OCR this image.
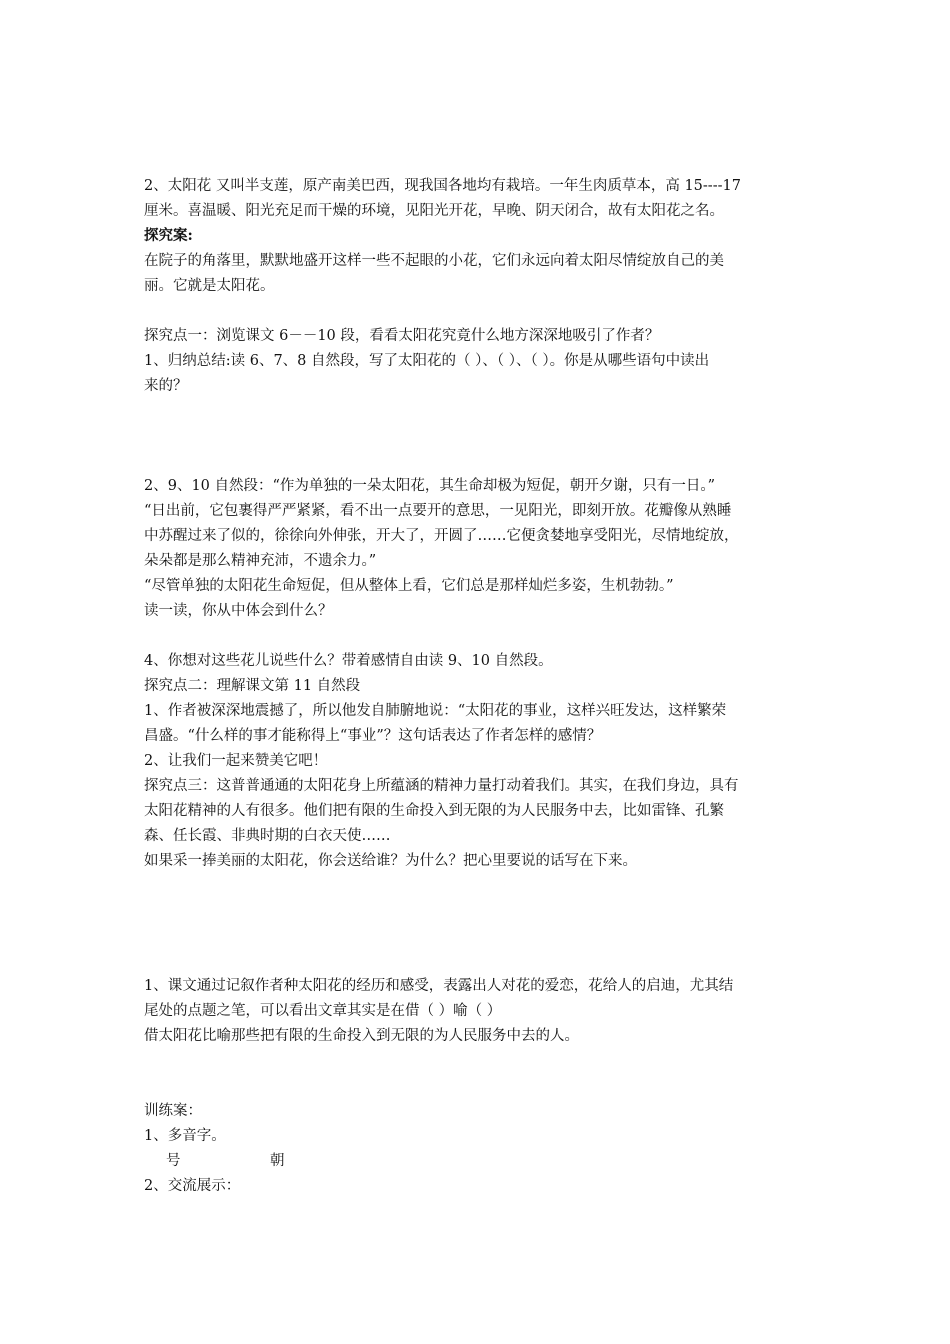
2、太阳花 又叫半支莲，原产南美巴西，现我国各地均有栽培。一年生肉质草本，高 15----17
厘米。喜温暖、阳光充足而干燥的环境，见阳光开花，早晚、阴天闭合，故有太阳花之名。
探究案:
在院子的角落里，默默地盛开这样一些不起眼的小花，它们永远向着太阳尽情绽放自己的美
丽。它就是太阳花。
探究点一：浏览课文 6－－10 段，看看太阳花究竟什么地方深深地吸引了作者？
1、归纳总结:读 6、7、8 自然段，写了太阳花的（ ）、（ ）、（ ）。你是从哪些语句中读出
来的？
2、9、10 自然段：“作为单独的一朵太阳花，其生命却极为短促，朝开夕谢，只有一日。”
“日出前，它包裹得严严紧紧，看不出一点要开的意思，一见阳光，即刻开放。花瓣像从熟睡
中苏醒过来了似的，徐徐向外伸张，开大了，开圆了……它便贪婪地享受阳光，尽情地绽放，
朵朵都是那么精神充沛，不遗余力。”
“尽管单独的太阳花生命短促，但从整体上看，它们总是那样灿烂多姿，生机勃勃。”
读一读，你从中体会到什么？
4、你想对这些花儿说些什么？带着感情自由读 9、10 自然段。
探究点二：理解课文第 11 自然段
1、作者被深深地震撼了，所以他发自肺腑地说：“太阳花的事业，这样兴旺发达，这样繁荣
昌盛。“什么样的事才能称得上“事业”？这句话表达了作者怎样的感情？
2、让我们一起来赞美它吧！
探究点三：这普普通通的太阳花身上所蕴涵的精神力量打动着我们。其实，在我们身边，具有
太阳花精神的人有很多。他们把有限的生命投入到无限的为人民服务中去，比如雷锋、孔繁
森、任长霞、非典时期的白衣天使……
如果采一捧美丽的太阳花，你会送给谁？为什么？把心里要说的话写在下来。
1、课文通过记叙作者种太阳花的经历和感受，表露出人对花的爱恋，花给人的启迪，尤其结
尾处的点题之笔，可以看出文章其实是在借（ ）喻（ ）
借太阳花比喻那些把有限的生命投入到无限的为人民服务中去的人。
训练案：
1、多音字。
号	朝
2、交流展示：
